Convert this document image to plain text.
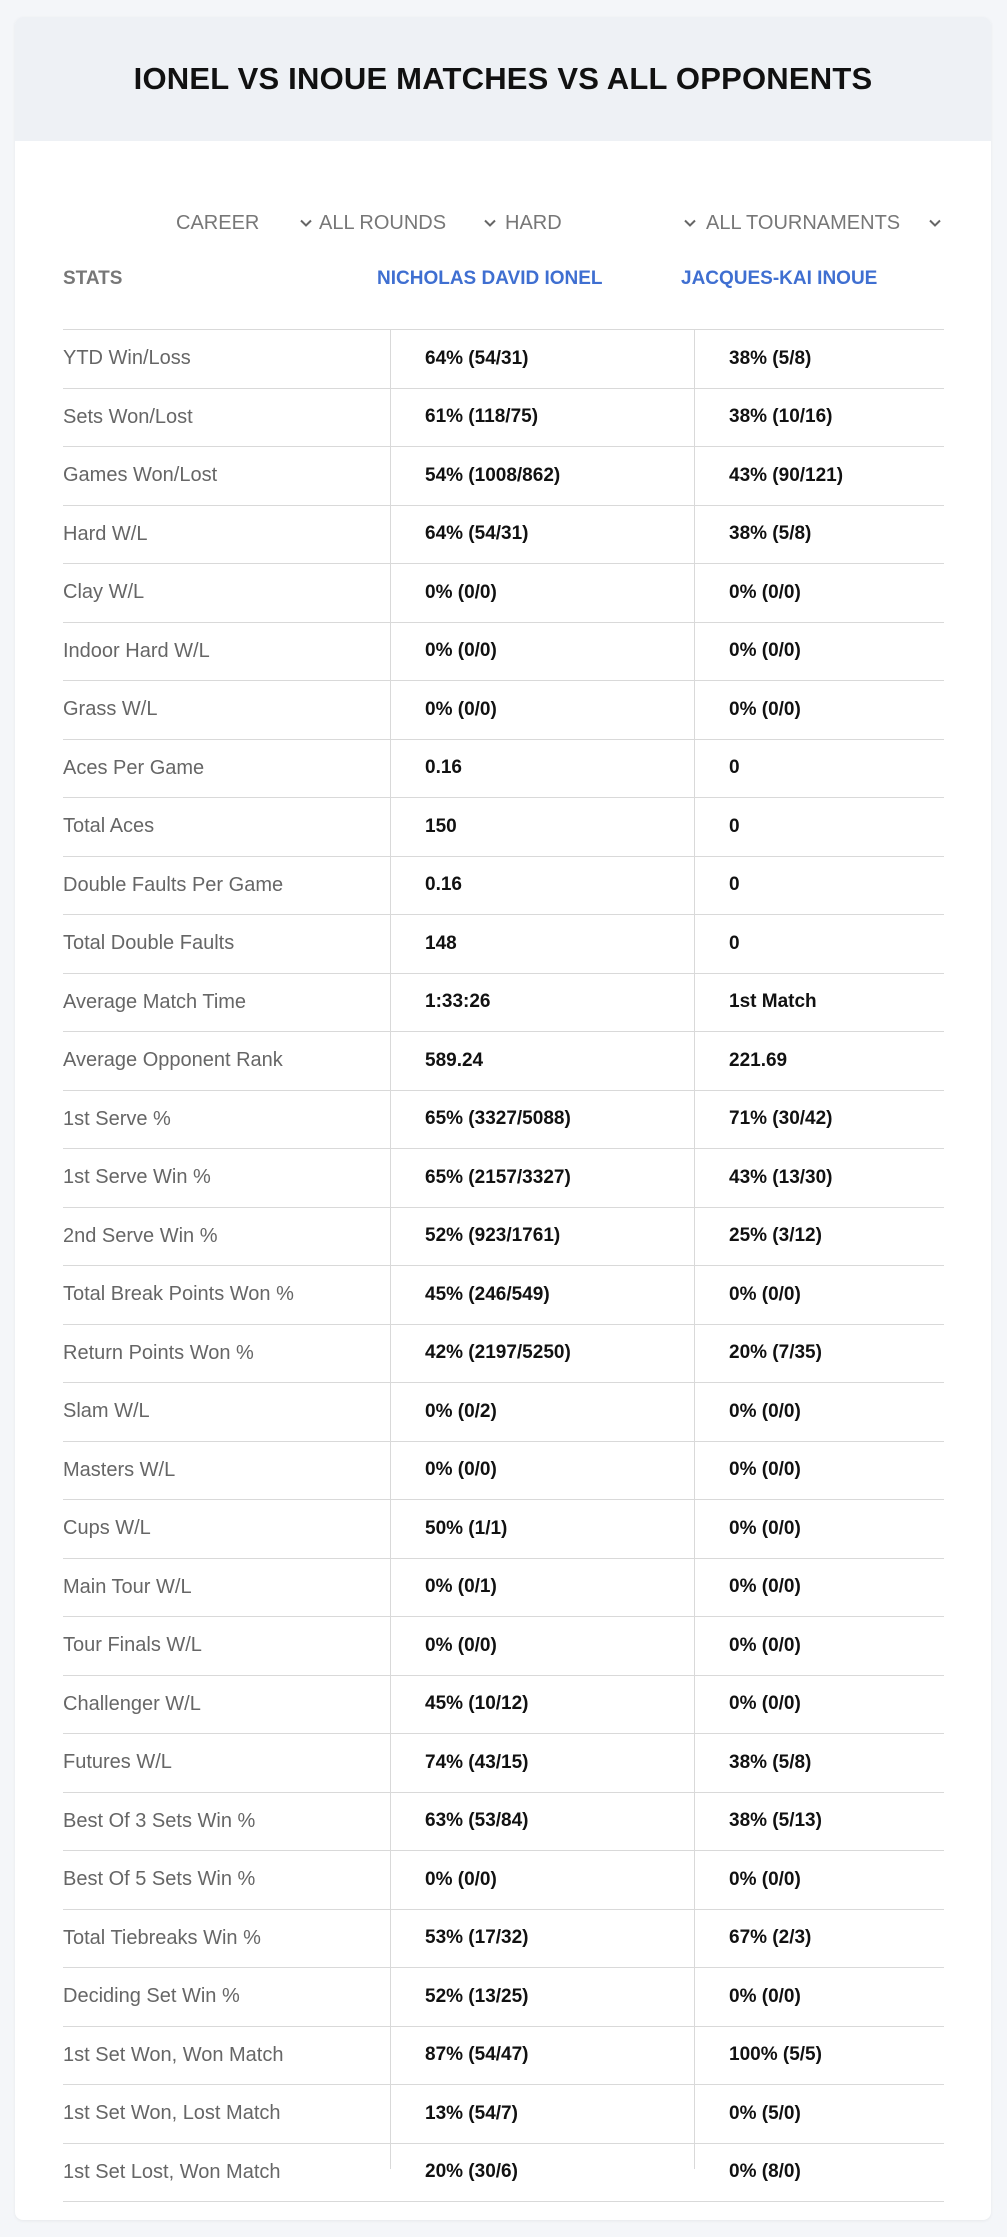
IONEL VS INOUE MATCHES VS ALL OPPONENTS
CAREER	ALL ROUNDS	HARD	ALL TOURNAMENTS
STATS	NICHOLAS DAVID IONEL	JACQUES-KAI INOUE
YTD Win/Loss	64% (54/31)	38% (5/8)
Sets Won/Lost	61% (118/75)	38% (10/16)
Games Won/Lost	54% (1008/862)	43% (90/121)
Hard W/L	64% (54/31)	38% (5/8)
Clay W/L	0% (0/0)	0% (0/0)
Indoor Hard W/L	0% (0/0)	0% (0/0)
Grass W/L	0% (0/0)	0% (0/0)
Aces Per Game	0.16	0
Total Aces	150	0
Double Faults Per Game	0.16	0
Total Double Faults	148	0
Average Match Time	1:33:26	1st Match
Average Opponent Rank	589.24	221.69
1st Serve %	65% (3327/5088)	71% (30/42)
1st Serve Win %	65% (2157/3327)	43% (13/30)
2nd Serve Win %	52% (923/1761)	25% (3/12)
Total Break Points Won %	45% (246/549)	0% (0/0)
Return Points Won %	42% (2197/5250)	20% (7/35)
Slam W/L	0% (0/2)	0% (0/0)
Masters W/L	0% (0/0)	0% (0/0)
Cups W/L	50% (1/1)	0% (0/0)
Main Tour W/L	0% (0/1)	0% (0/0)
Tour Finals W/L	0% (0/0)	0% (0/0)
Challenger W/L	45% (10/12)	0% (0/0)
Futures W/L	74% (43/15)	38% (5/8)
Best Of 3 Sets Win %	63% (53/84)	38% (5/13)
Best Of 5 Sets Win %	0% (0/0)	0% (0/0)
Total Tiebreaks Win %	53% (17/32)	67% (2/3)
Deciding Set Win %	52% (13/25)	0% (0/0)
1st Set Won, Won Match	87% (54/47)	100% (5/5)
1st Set Won, Lost Match	13% (54/7)	0% (5/0)
1st Set Lost, Won Match	20% (30/6)	0% (8/0)
